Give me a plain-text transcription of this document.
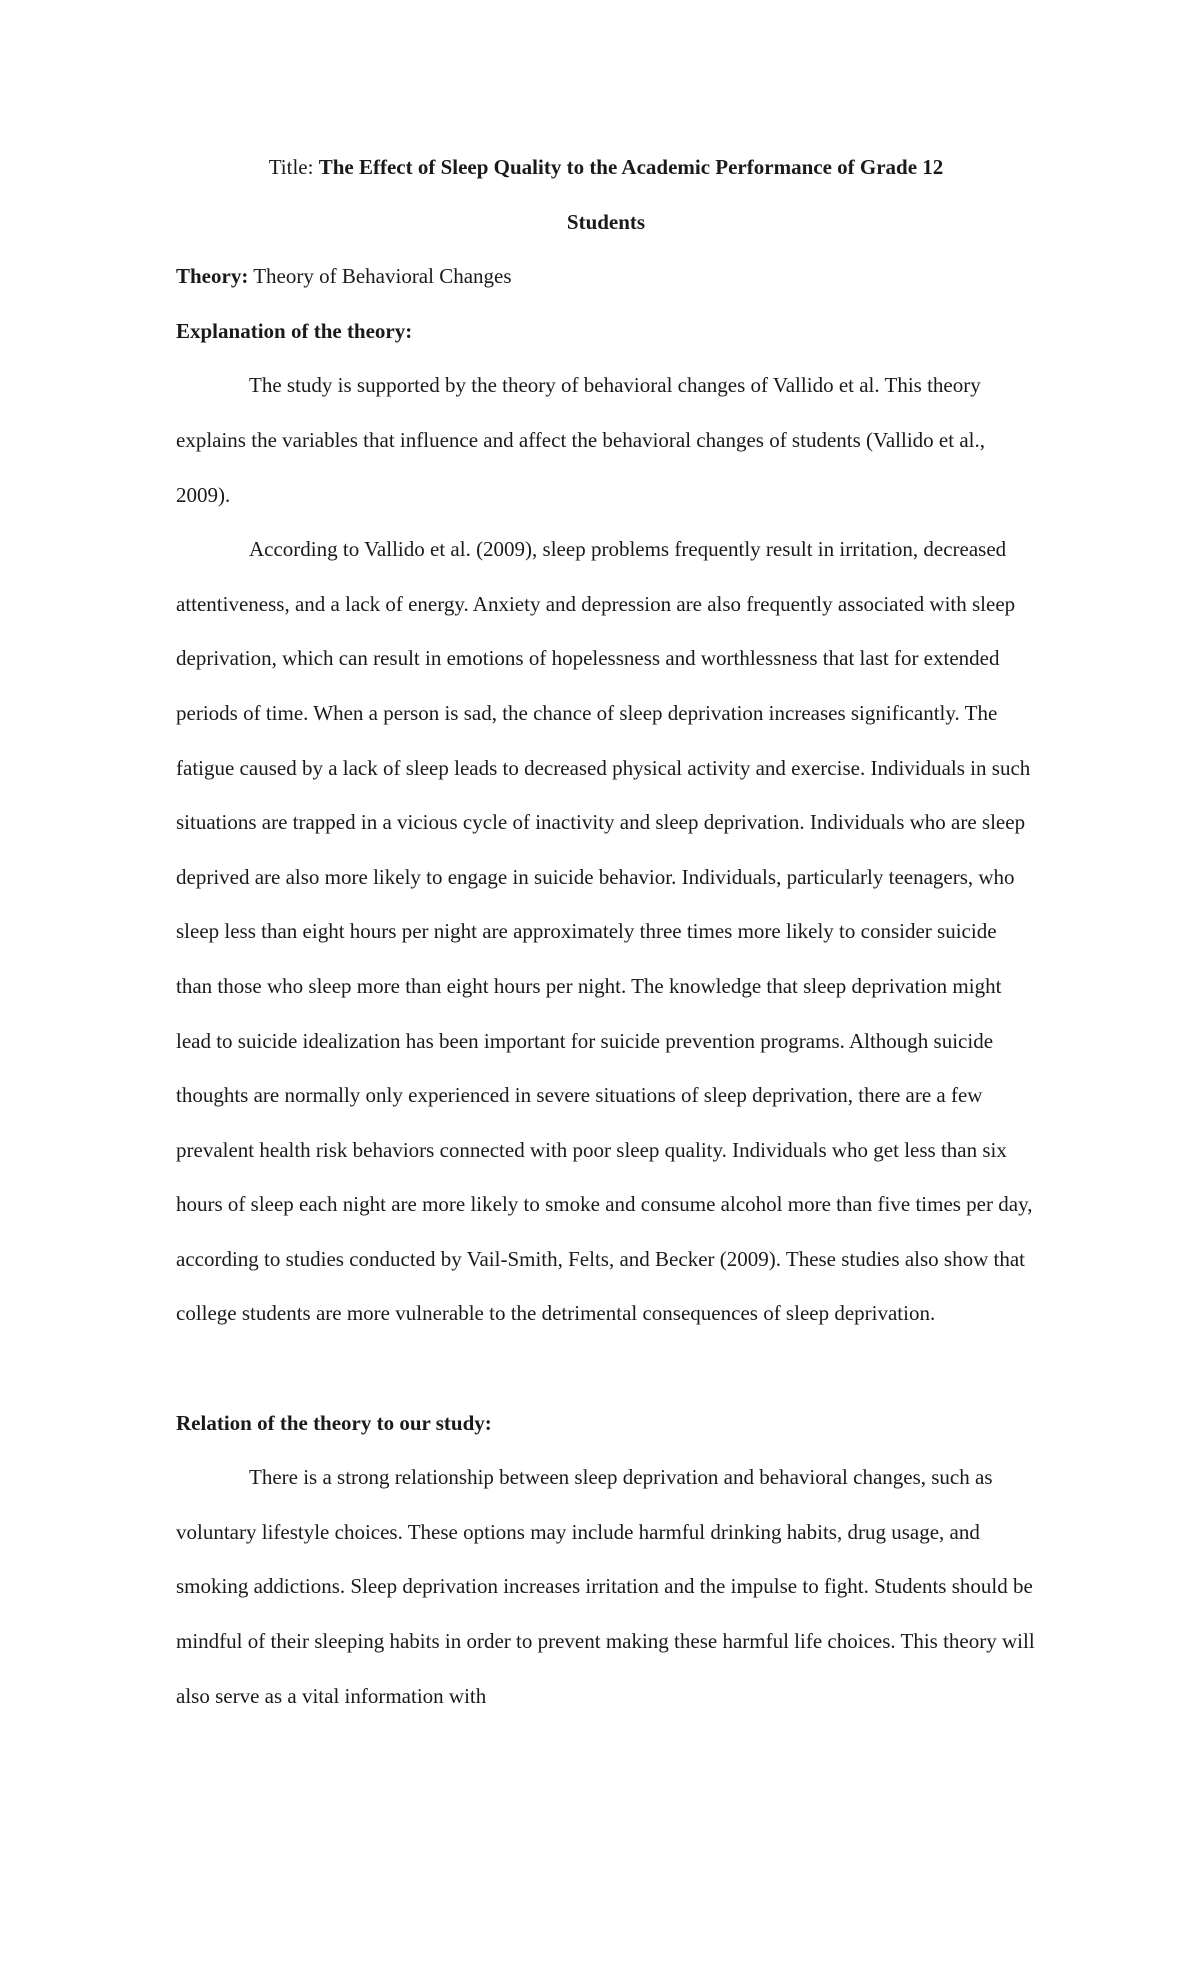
Title: The Effect of Sleep Quality to the Academic Performance of Grade 12

Students

Theory: Theory of Behavioral Changes

Explanation of the theory:

The study is supported by the theory of behavioral changes of Vallido et al. This theory explains the variables that influence and affect the behavioral changes of students (Vallido et al., 2009).

According to Vallido et al. (2009), sleep problems frequently result in irritation, decreased attentiveness, and a lack of energy. Anxiety and depression are also frequently associated with sleep deprivation, which can result in emotions of hopelessness and worthlessness that last for extended periods of time. When a person is sad, the chance of sleep deprivation increases significantly. The fatigue caused by a lack of sleep leads to decreased physical activity and exercise. Individuals in such situations are trapped in a vicious cycle of inactivity and sleep deprivation. Individuals who are sleep deprived are also more likely to engage in suicide behavior. Individuals, particularly teenagers, who sleep less than eight hours per night are approximately three times more likely to consider suicide than those who sleep more than eight hours per night. The knowledge that sleep deprivation might lead to suicide idealization has been important for suicide prevention programs. Although suicide thoughts are normally only experienced in severe situations of sleep deprivation, there are a few prevalent health risk behaviors connected with poor sleep quality. Individuals who get less than six hours of sleep each night are more likely to smoke and consume alcohol more than five times per day, according to studies conducted by Vail-Smith, Felts, and Becker (2009). These studies also show that college students are more vulnerable to the detrimental consequences of sleep deprivation.

Relation of the theory to our study:

There is a strong relationship between sleep deprivation and behavioral changes, such as voluntary lifestyle choices. These options may include harmful drinking habits, drug usage, and smoking addictions. Sleep deprivation increases irritation and the impulse to fight. Students should be mindful of their sleeping habits in order to prevent making these harmful life choices. This theory will also serve as a vital information with
